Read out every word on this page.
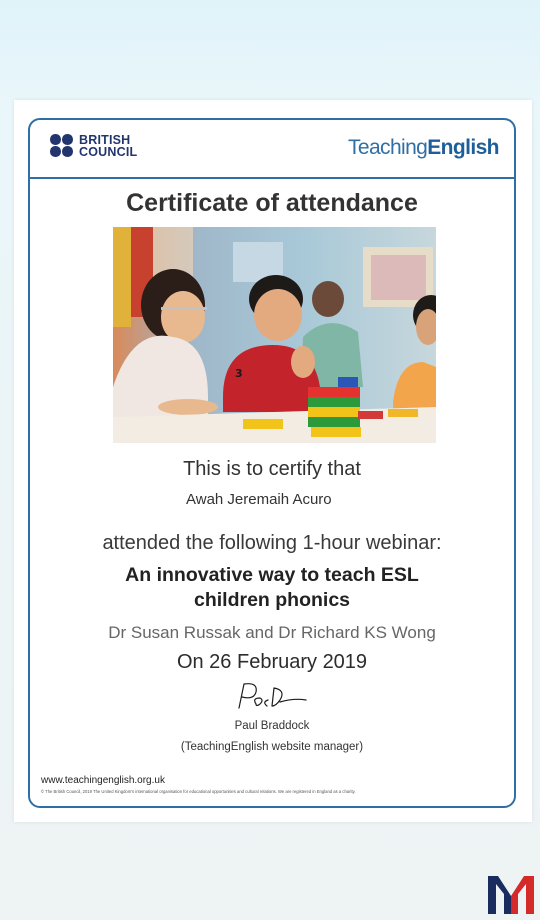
BRITISH
COUNCIL	TeachingEnglish
Certificate of attendance
3
This is to certify that
Awah Jeremaih Acuro
attended the following 1-hour webinar:
An innovative way to teach ESL
children phonics
Dr Susan Russak and Dr Richard KS Wong
On 26 February 2019
Paul Braddock
(TeachingEnglish website manager)
www.teachingenglish.org.uk
© The British Council, 2019 The United Kingdom's international organisation for educational opportunities and cultural relations. We are registered in England as a charity.
